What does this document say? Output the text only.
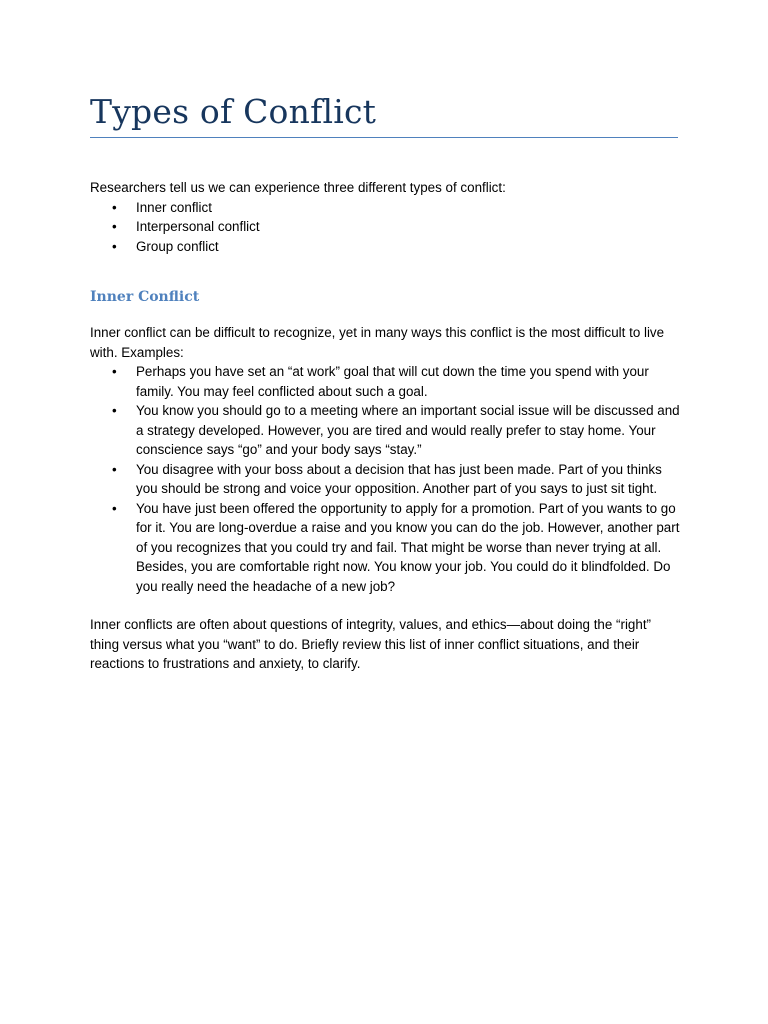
Types of Conflict

Researchers tell us we can experience three different types of conflict:

• Inner conflict
• Interpersonal conflict
• Group conflict
Inner Conflict

Inner conflict can be difficult to recognize, yet in many ways this conflict is the most difficult to live with. Examples:

• Perhaps you have set an “at work” goal that will cut down the time you spend with your family. You may feel conflicted about such a goal.
• You know you should go to a meeting where an important social issue will be discussed and a strategy developed. However, you are tired and would really prefer to stay home. Your conscience says “go” and your body says “stay.”
• You disagree with your boss about a decision that has just been made. Part of you thinks you should be strong and voice your opposition. Another part of you says to just sit tight.
• You have just been offered the opportunity to apply for a promotion. Part of you wants to go for it. You are long-overdue a raise and you know you can do the job. However, another part of you recognizes that you could try and fail. That might be worse than never trying at all. Besides, you are comfortable right now. You know your job. You could do it blindfolded. Do you really need the headache of a new job?

Inner conflicts are often about questions of integrity, values, and ethics—about doing the “right” thing versus what you “want” to do. Briefly review this list of inner conflict situations, and their reactions to frustrations and anxiety, to clarify.
